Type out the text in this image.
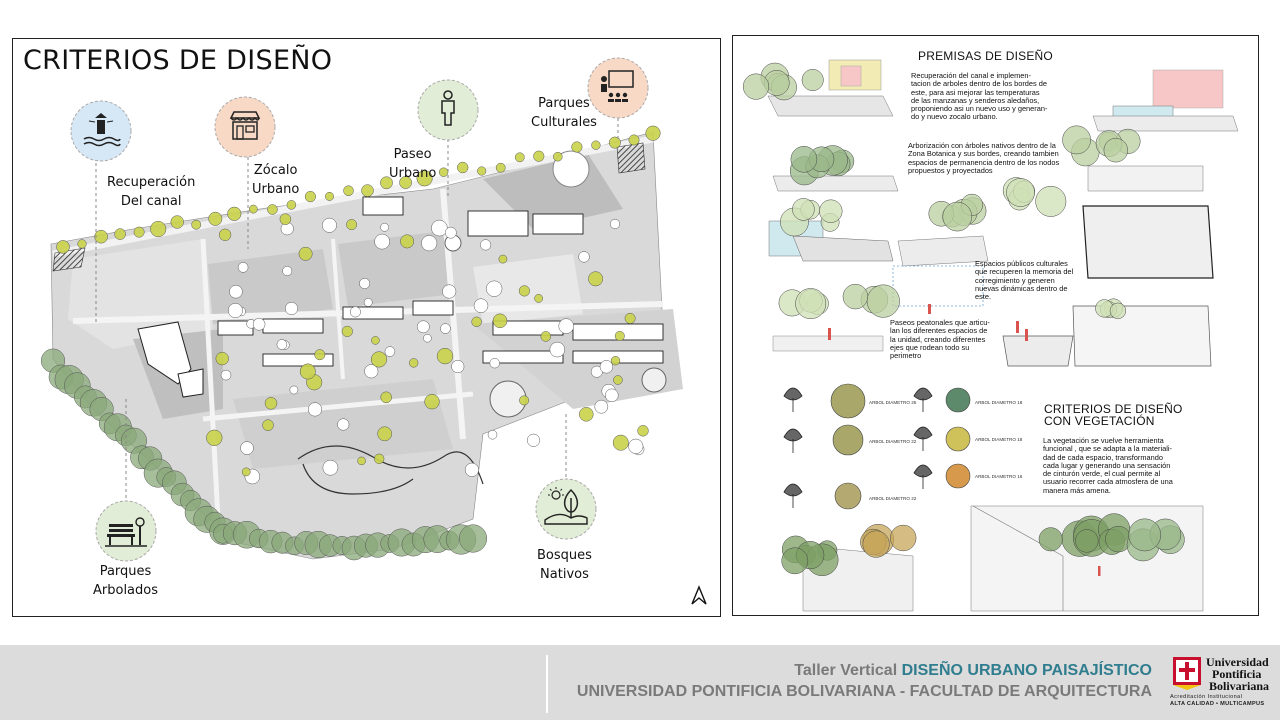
CRITERIOS DE DISEÑO
Recuperación
Del canal
Zócalo
Urbano
Paseo
Urbano
Parques
Culturales
Parques
Arbolados
Bosques
Nativos
PREMISAS DE DISEÑO
Recuperación del canal e implemen-
tacion de arboles dentro de los bordes de
este, para asi mejorar las temperaturas
de las manzanas y senderos aledaños,
proponiendo asi un nuevo uso y generan-
do y nuevo zocalo urbano.
Arborización con árboles nativos dentro de la
Zona Botanica y sus bordes, creando tambien
espacios de permanencia dentro de los nodos
propuestos y proyectados
Espacios públicos culturales
que recuperen la memoria del
corregimiento y generen
nuevas dinámicas dentro de
este.
Paseos peatonales que articu-
lan los diferentes espacios de
la unidad, creando diferentes
ejes que rodean todo su
perimetro
CRITERIOS DE DISEÑO
CON VEGETACIÓN
La vegetación se vuelve herramienta
funcional , que se adapta a la materiali-
dad de cada espacio, transformando
cada lugar y generando una sensación
de cinturón verde, el cual permite al
usuario recorrer cada atmosfera de una
manera más amena.
ARBOL DIAMETRO 25
ARBOL DIAMETRO 22
ARBOL DIAMETRO 22
ARBOL DIAMETRO 18
ARBOL DIAMETRO 18
ARBOL DIAMETRO 16
Taller Vertical DISEÑO URBANO PAISAJÍSTICO
UNIVERSIDAD PONTIFICIA BOLIVARIANA - FACULTAD DE ARQUITECTURA
Universidad
Pontificia
Bolivariana
Acreditación Institucional
ALTA CALIDAD • MULTICAMPUS
